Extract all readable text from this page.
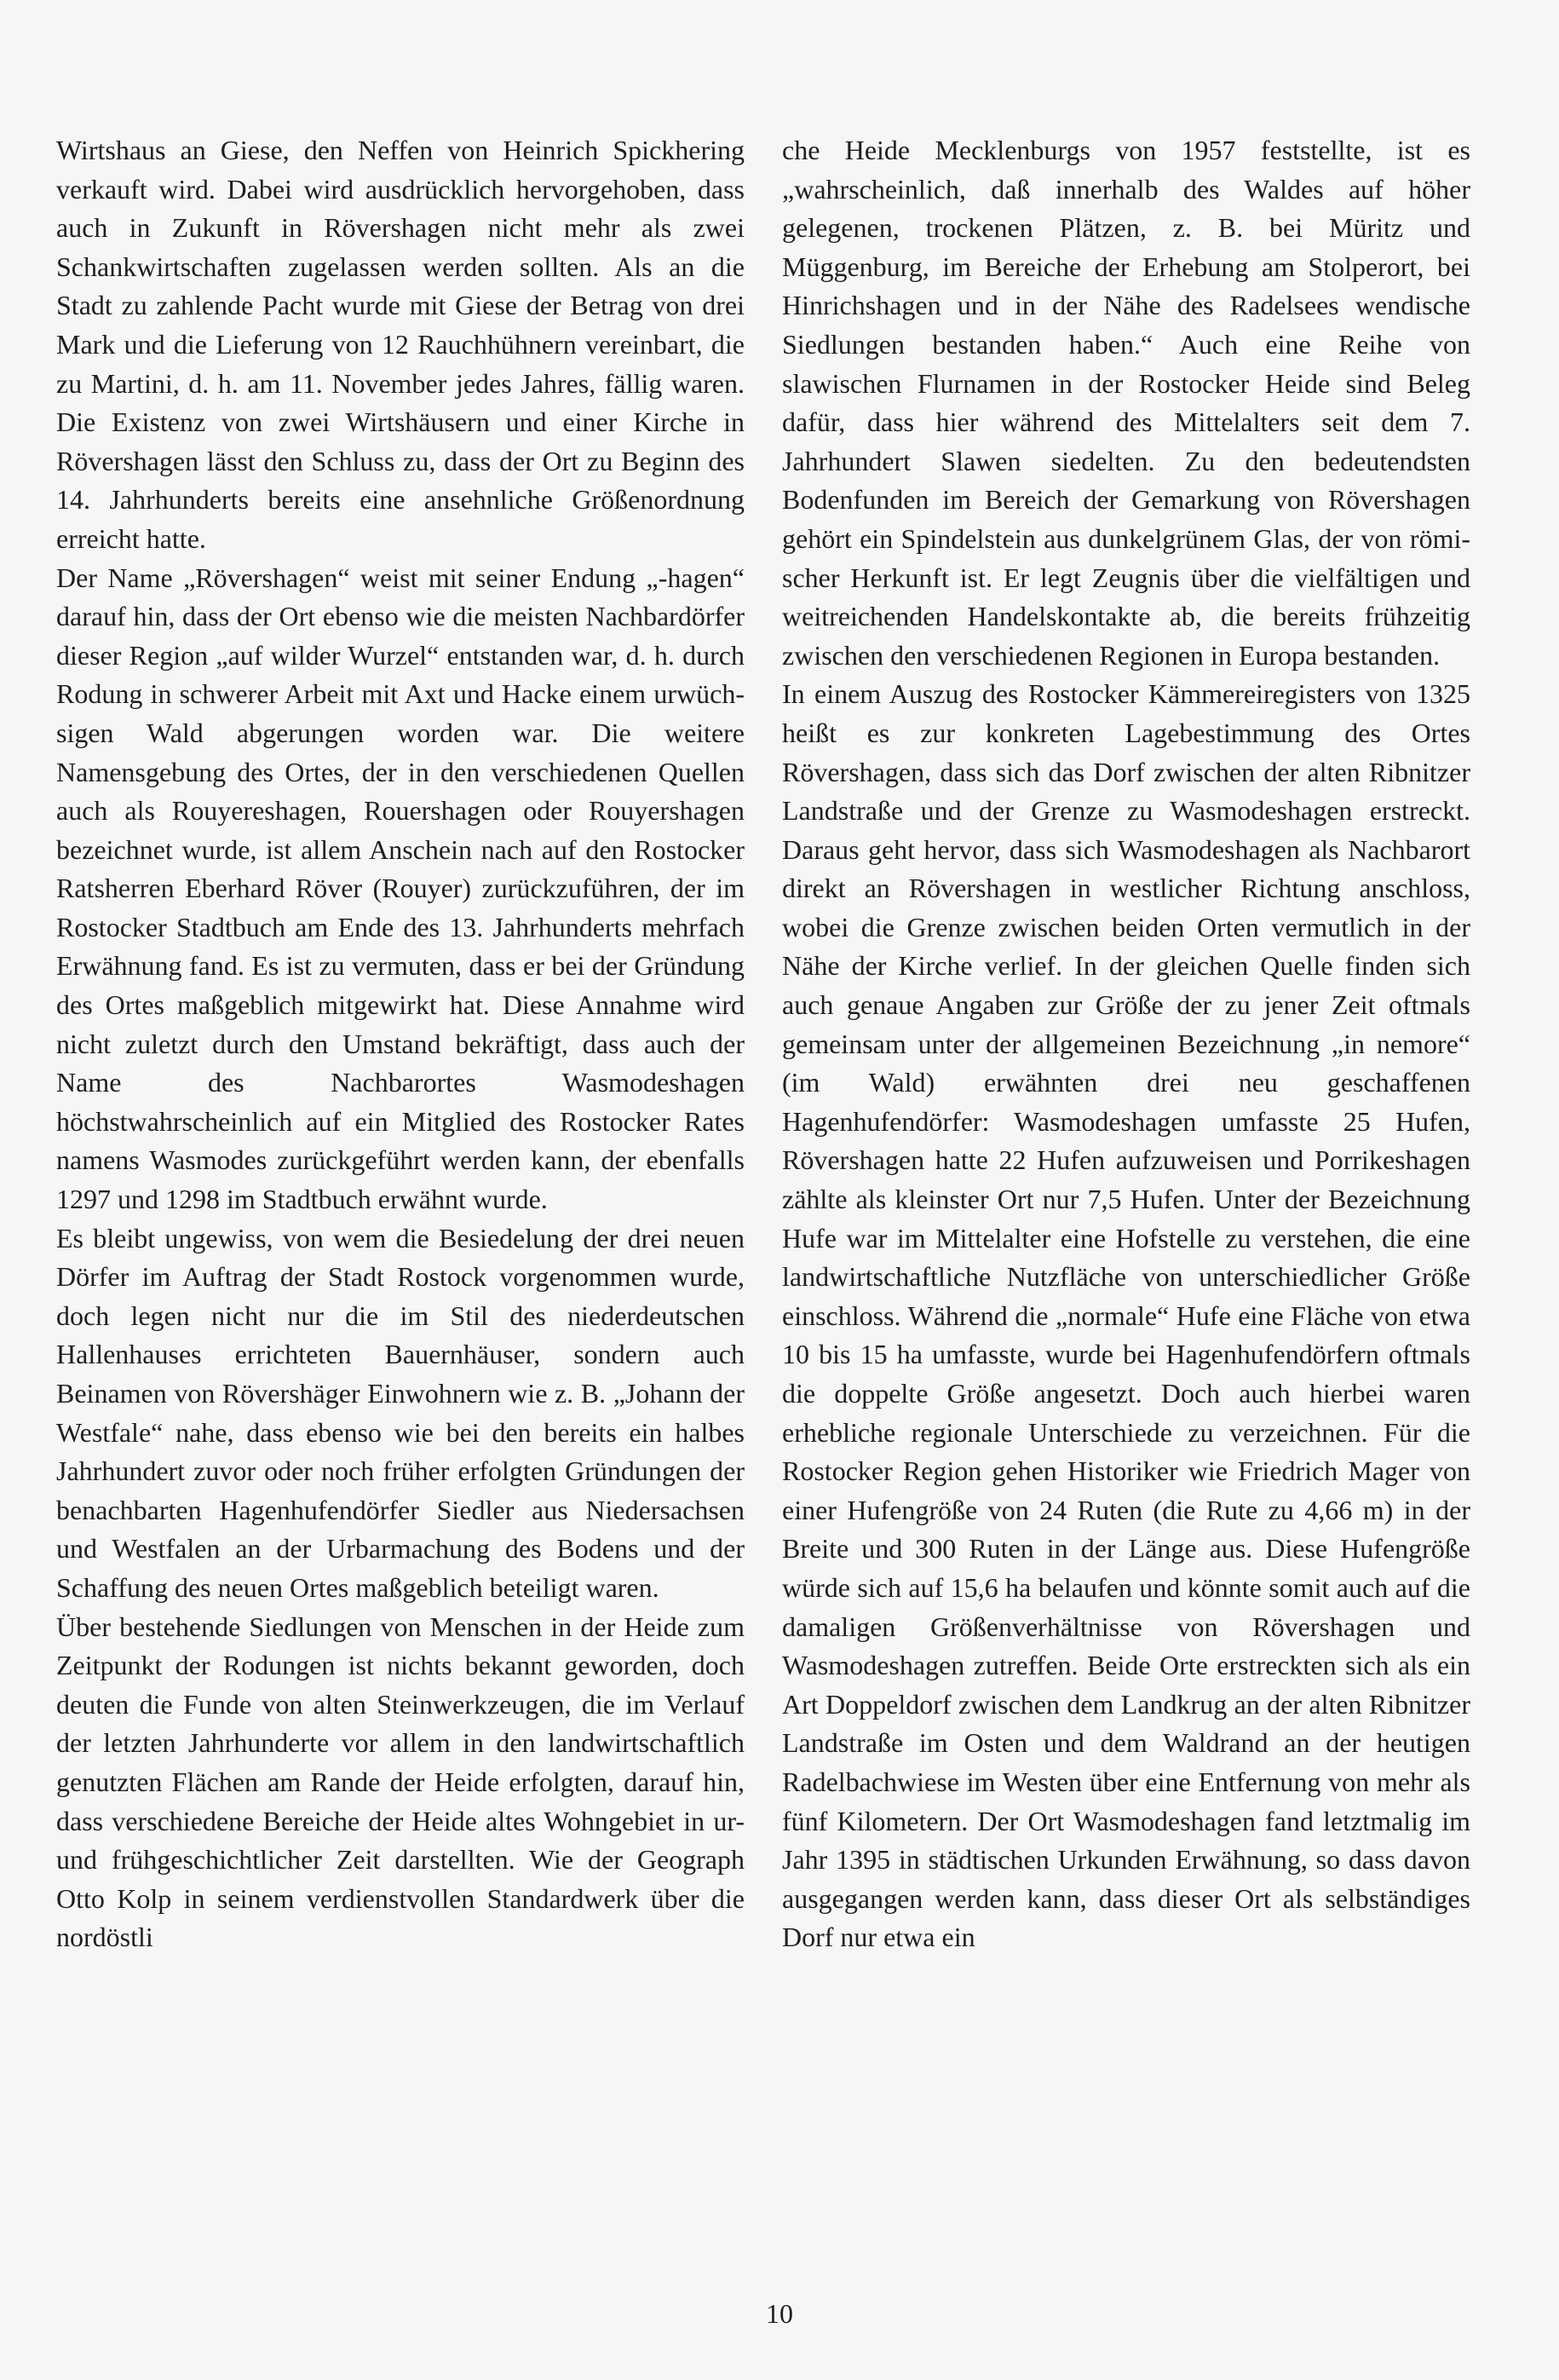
Wirtshaus an Giese, den Neffen von Heinrich Spickhering verkauft wird. Dabei wird ausdrücklich hervorgehoben, dass auch in Zukunft in Rövershagen nicht mehr als zwei Schankwirtschaften zugelassen werden sollten. Als an die Stadt zu zahlende Pacht wurde mit Giese der Betrag von drei Mark und die Lieferung von 12 Rauchhühnern vereinbart, die zu Martini, d. h. am 11. November jedes Jahres, fällig waren. Die Existenz von zwei Wirtshäusern und einer Kirche in Rövershagen lässt den Schluss zu, dass der Ort zu Beginn des 14. Jahrhunderts bereits eine ansehnliche Größenordnung erreicht hatte.

Der Name „Rövershagen“ weist mit seiner Endung „-hagen“ darauf hin, dass der Ort ebenso wie die meisten Nachbardörfer dieser Region „auf wilder Wurzel“ entstanden war, d. h. durch Rodung in schwerer Arbeit mit Axt und Hacke einem urwüchsigen Wald abgerungen worden war. Die weitere Namensgebung des Ortes, der in den verschiedenen Quellen auch als Rouyereshagen, Rouershagen oder Rouyershagen bezeichnet wurde, ist allem Anschein nach auf den Rostocker Ratsherren Eberhard Röver (Rouyer) zurückzuführen, der im Rostocker Stadtbuch am Ende des 13. Jahrhunderts mehrfach Erwähnung fand. Es ist zu vermuten, dass er bei der Gründung des Ortes maßgeblich mitgewirkt hat. Diese Annahme wird nicht zuletzt durch den Umstand bekräftigt, dass auch der Name des Nachbarortes Wasmodeshagen höchstwahrscheinlich auf ein Mitglied des Rostocker Rates namens Wasmodes zurückgeführt werden kann, der ebenfalls 1297 und 1298 im Stadtbuch erwähnt wurde.

Es bleibt ungewiss, von wem die Besiedelung der drei neuen Dörfer im Auftrag der Stadt Rostock vorgenommen wurde, doch legen nicht nur die im Stil des niederdeutschen Hallenhauses errichteten Bauernhäuser, sondern auch Beinamen von Rövershäger Einwohnern wie z. B. „Johann der Westfale“ nahe, dass ebenso wie bei den bereits ein halbes Jahrhundert zuvor oder noch früher erfolgten Gründungen der benachbarten Hagenhufendörfer Siedler aus Niedersachsen und Westfalen an der Urbarmachung des Bodens und der Schaffung des neuen Ortes maßgeblich beteiligt waren.

Über bestehende Siedlungen von Menschen in der Heide zum Zeitpunkt der Rodungen ist nichts bekannt geworden, doch deuten die Funde von alten Steinwerkzeugen, die im Verlauf der letzten Jahrhunderte vor allem in den landwirtschaftlich genutzten Flächen am Rande der Heide erfolgten, darauf hin, dass verschiedene Bereiche der Heide altes Wohngebiet in ur- und frühgeschichtlicher Zeit darstellten. Wie der Geograph Otto Kolp in seinem verdienstvollen Standardwerk über die nordöstli

che Heide Mecklenburgs von 1957 feststellte, ist es „wahrscheinlich, daß innerhalb des Waldes auf höher gelegenen, trockenen Plätzen, z. B. bei Müritz und Müggenburg, im Bereiche der Erhebung am Stolperort, bei Hinrichshagen und in der Nähe des Radelsees wendische Siedlungen bestanden haben.“ Auch eine Reihe von slawischen Flurnamen in der Rostocker Heide sind Beleg dafür, dass hier während des Mittelalters seit dem 7. Jahrhundert Slawen siedelten. Zu den bedeutendsten Bodenfunden im Bereich der Gemarkung von Rövershagen gehört ein Spindelstein aus dunkelgrünem Glas, der von römischer Herkunft ist. Er legt Zeugnis über die vielfältigen und weitreichenden Handelskontakte ab, die bereits frühzeitig zwischen den verschiedenen Regionen in Europa bestanden.

In einem Auszug des Rostocker Kämmereiregisters von 1325 heißt es zur konkreten Lagebestimmung des Ortes Rövershagen, dass sich das Dorf zwischen der alten Ribnitzer Landstraße und der Grenze zu Wasmodeshagen erstreckt. Daraus geht hervor, dass sich Wasmodeshagen als Nachbarort direkt an Rövershagen in westlicher Richtung anschloss, wobei die Grenze zwischen beiden Orten vermutlich in der Nähe der Kirche verlief. In der gleichen Quelle finden sich auch genaue Angaben zur Größe der zu jener Zeit oftmals gemeinsam unter der allgemeinen Bezeichnung „in nemore“ (im Wald) erwähnten drei neu geschaffenen Hagenhufendörfer: Wasmodeshagen umfasste 25 Hufen, Rövershagen hatte 22 Hufen aufzuweisen und Porrikeshagen zählte als kleinster Ort nur 7,5 Hufen. Unter der Bezeichnung Hufe war im Mittelalter eine Hofstelle zu verstehen, die eine landwirtschaftliche Nutzfläche von unterschiedlicher Größe einschloss. Während die „normale“ Hufe eine Fläche von etwa 10 bis 15 ha umfasste, wurde bei Hagenhufendörfern oftmals die doppelte Größe angesetzt. Doch auch hierbei waren erhebliche regionale Unterschiede zu verzeichnen. Für die Rostocker Region gehen Historiker wie Friedrich Mager von einer Hufengröße von 24 Ruten (die Rute zu 4,66 m) in der Breite und 300 Ruten in der Länge aus. Diese Hufengröße würde sich auf 15,6 ha belaufen und könnte somit auch auf die damaligen Größenverhältnisse von Rövershagen und Wasmodeshagen zutreffen. Beide Orte erstreckten sich als ein Art Doppeldorf zwischen dem Landkrug an der alten Ribnitzer Landstraße im Osten und dem Waldrand an der heutigen Radelbachwiese im Westen über eine Entfernung von mehr als fünf Kilometern. Der Ort Wasmodeshagen fand letztmalig im Jahr 1395 in städtischen Urkunden Erwähnung, so dass davon ausgegangen werden kann, dass dieser Ort als selbständiges Dorf nur etwa ein

10
